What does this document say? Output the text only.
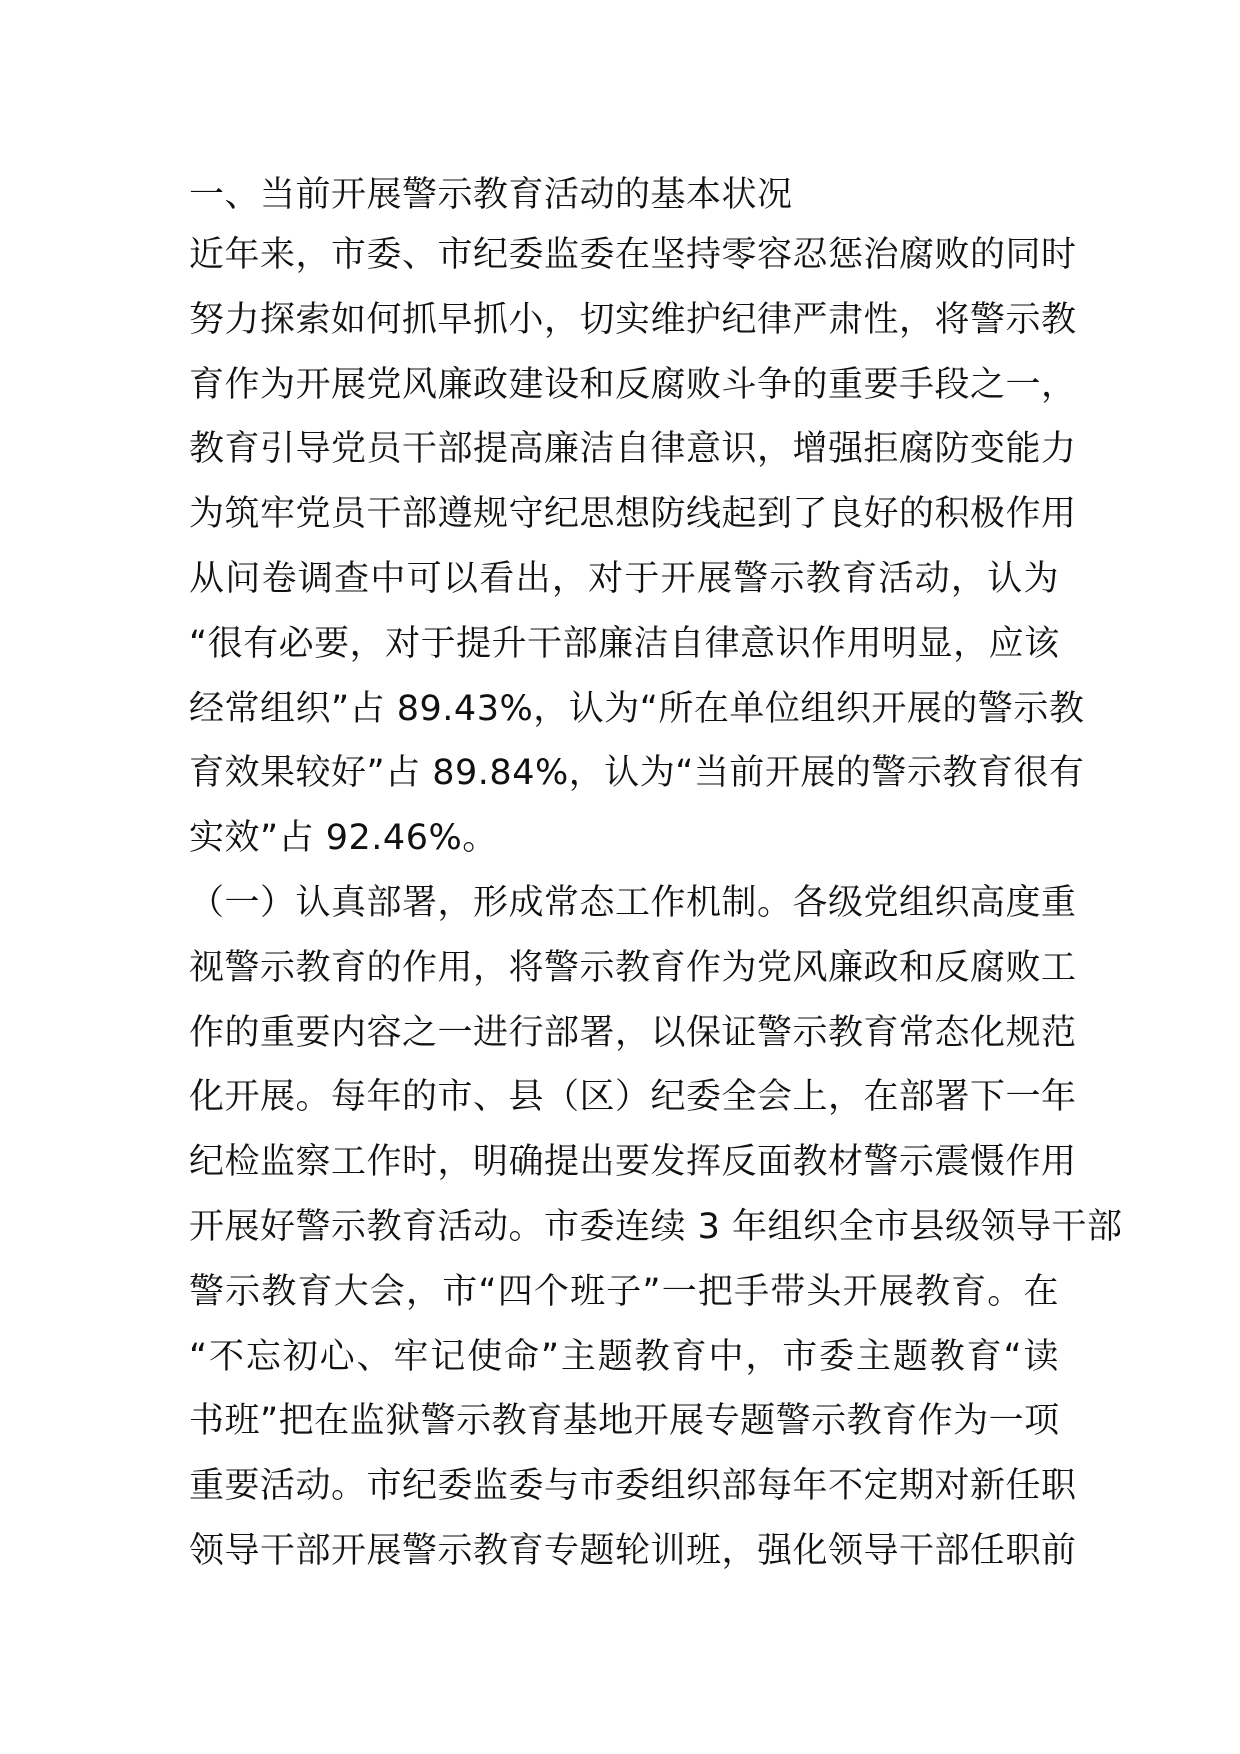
一、当前开展警示教育活动的基本状况
近年来，市委、市纪委监委在坚持零容忍惩治腐败的同时
努力探索如何抓早抓小，切实维护纪律严肃性，将警示教
育作为开展党风廉政建设和反腐败斗争的重要手段之一，
教育引导党员干部提高廉洁自律意识，增强拒腐防变能力
为筑牢党员干部遵规守纪思想防线起到了良好的积极作用
从问卷调查中可以看出，对于开展警示教育活动，认为
“很有必要，对于提升干部廉洁自律意识作用明显，应该
经常组织”占 89.43%，认为“所在单位组织开展的警示教
育效果较好”占 89.84%，认为“当前开展的警示教育很有
实效”占 92.46%。
（一）认真部署，形成常态工作机制。各级党组织高度重
视警示教育的作用，将警示教育作为党风廉政和反腐败工
作的重要内容之一进行部署，以保证警示教育常态化规范
化开展。每年的市、县（区）纪委全会上，在部署下一年
纪检监察工作时，明确提出要发挥反面教材警示震慑作用
开展好警示教育活动。市委连续 3 年组织全市县级领导干部
警示教育大会，市“四个班子”一把手带头开展教育。在
“不忘初心、牢记使命”主题教育中，市委主题教育“读
书班”把在监狱警示教育基地开展专题警示教育作为一项
重要活动。市纪委监委与市委组织部每年不定期对新任职
领导干部开展警示教育专题轮训班，强化领导干部任职前
